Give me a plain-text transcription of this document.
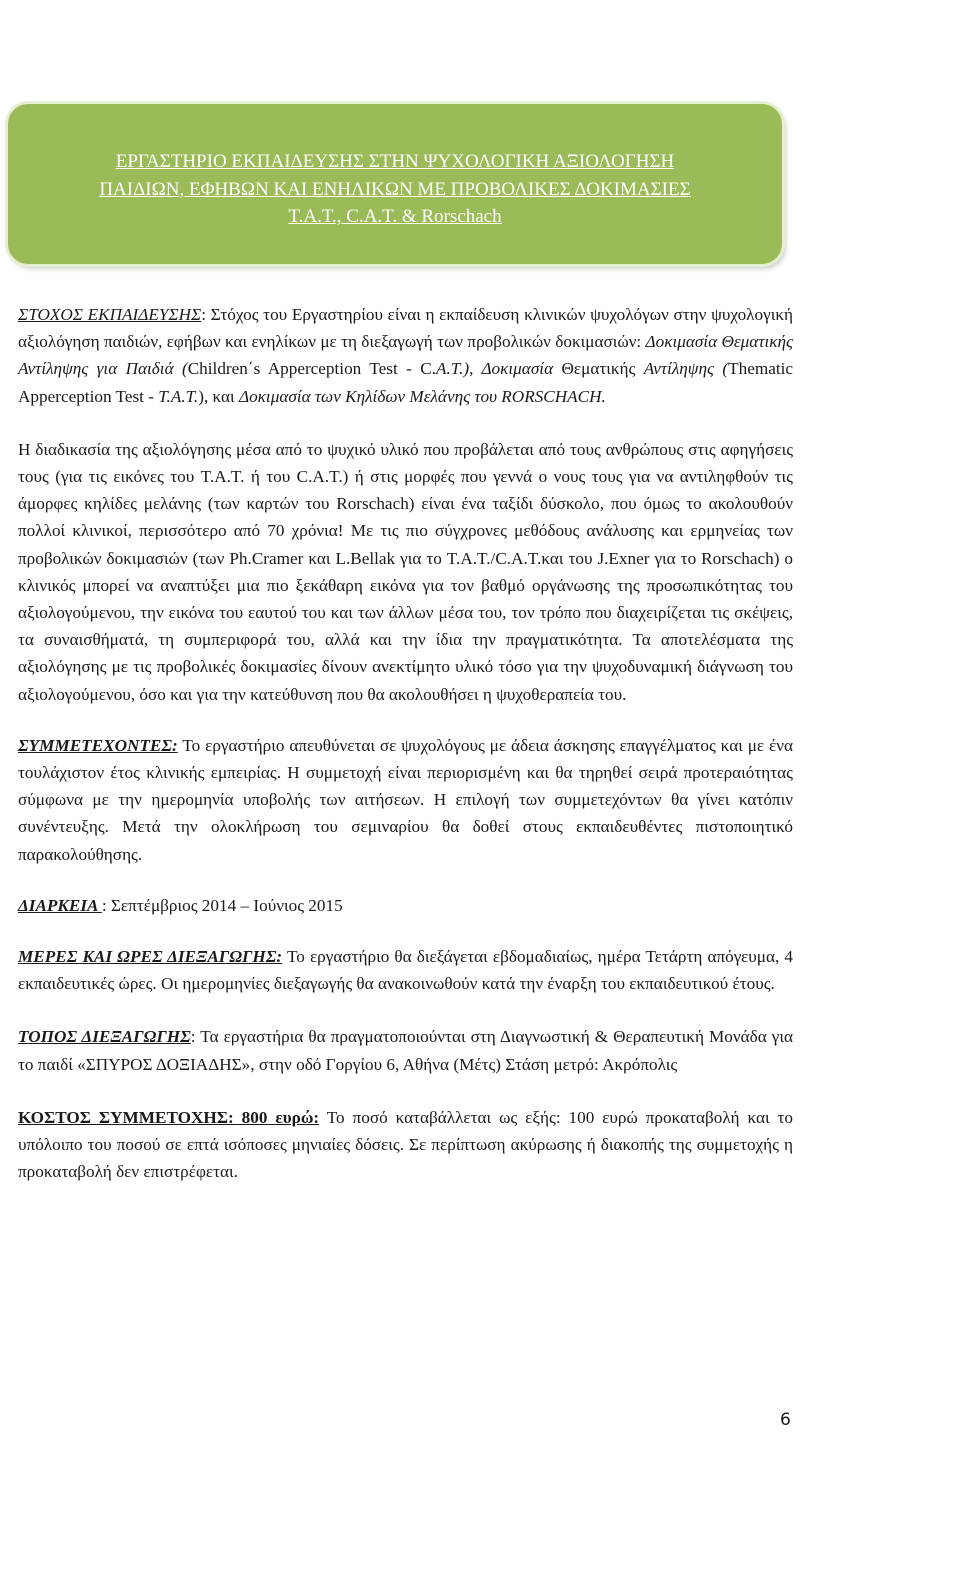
ΕΡΓΑΣΤΗΡΙΟ ΕΚΠΑΙΔΕΥΣΗΣ ΣΤΗΝ ΨΥΧΟΛΟΓΙΚΗ ΑΞΙΟΛΟΓΗΣΗ
ΠΑΙΔΙΩΝ, ΕΦΗΒΩΝ ΚΑΙ ΕΝΗΛΙΚΩΝ ΜΕ ΠΡΟΒΟΛΙΚΕΣ ΔΟΚΙΜΑΣΙΕΣ
T.A.T., C.A.T. & Rorschach

ΣΤΟΧΟΣ ΕΚΠΑΙΔΕΥΣΗΣ: Στόχος του Εργαστηρίου είναι η εκπαίδευση κλινικών ψυχολόγων στην ψυχολογική αξιολόγηση παιδιών, εφήβων και ενηλίκων με τη διεξαγωγή των προβολικών δοκιμασιών: Δοκιμασία Θεματικής Αντίληψης για Παιδιά (Children΄s Apperception Test - C.A.T.), Δοκιμασία Θεματικής Αντίληψης (Thematic Apperception Test - T.A.T.), και Δοκιμασία των Κηλίδων Μελάνης του RORSCHACH.

Η διαδικασία της αξιολόγησης μέσα από το ψυχικό υλικό που προβάλεται από τους ανθρώπους στις αφηγήσεις τους (για τις εικόνες του T.A.T. ή του C.A.T.) ή στις μορφές που γεννά ο νους τους για να αντιληφθούν τις άμορφες κηλίδες μελάνης (των καρτών του Rorschach) είναι ένα ταξίδι δύσκολο, που όμως το ακολουθούν πολλοί κλινικοί, περισσότερο από 70 χρόνια! Με τις πιο σύγχρονες μεθόδους ανάλυσης και ερμηνείας των προβολικών δοκιμασιών (των Ph.Cramer και L.Bellak για το T.A.T./C.A.T.και του J.Exner για το Rorschach) ο κλινικός μπορεί να αναπτύξει μια πιο ξεκάθαρη εικόνα για τον βαθμό οργάνωσης της προσωπικότητας του αξιολογούμενου, την εικόνα του εαυτού του και των άλλων μέσα του, τον τρόπο που διαχειρίζεται τις σκέψεις, τα συναισθήματά, τη συμπεριφορά του, αλλά και την ίδια την πραγματικότητα. Τα αποτελέσματα της αξιολόγησης με τις προβολικές δοκιμασίες δίνουν ανεκτίμητο υλικό τόσο για την ψυχοδυναμική διάγνωση του αξιολογούμενου, όσο και για την κατεύθυνση που θα ακολουθήσει η ψυχοθεραπεία του.

ΣΥΜΜΕΤΕΧΟΝΤΕΣ: Το εργαστήριο απευθύνεται σε ψυχολόγους με άδεια άσκησης επαγγέλματος και με ένα τουλάχιστον έτος κλινικής εμπειρίας. Η συμμετοχή είναι περιορισμένη και θα τηρηθεί σειρά προτεραιότητας σύμφωνα με την ημερομηνία υποβολής των αιτήσεων. Η επιλογή των συμμετεχόντων θα γίνει κατόπιν συνέντευξης. Μετά την ολοκλήρωση του σεμιναρίου θα δοθεί στους εκπαιδευθέντες πιστοποιητικό παρακολούθησης.

ΔΙΑΡΚΕΙΑ : Σεπτέμβριος 2014 – Ιούνιος 2015

ΜΕΡΕΣ ΚΑΙ ΩΡΕΣ ΔΙΕΞΑΓΩΓΗΣ: Το εργαστήριο θα διεξάγεται εβδομαδιαίως, ημέρα Τετάρτη απόγευμα, 4 εκπαιδευτικές ώρες. Οι ημερομηνίες διεξαγωγής θα ανακοινωθούν κατά την έναρξη του εκπαιδευτικού έτους.

ΤΟΠΟΣ ΔΙΕΞΑΓΩΓΗΣ: Τα εργαστήρια θα πραγματοποιούνται στη Διαγνωστική & Θεραπευτική Μονάδα για το παιδί «ΣΠΥΡΟΣ ΔΟΞΙΑΔΗΣ», στην οδό Γοργίου 6, Αθήνα (Μέτς) Στάση μετρό: Ακρόπολις

ΚΟΣΤΟΣ ΣΥΜΜΕΤΟΧΗΣ: 800 ευρώ: Το ποσό καταβάλλεται ως εξής: 100 ευρώ προκαταβολή και το υπόλοιπο του ποσού σε επτά ισόποσες μηνιαίες δόσεις. Σε περίπτωση ακύρωσης ή διακοπής της συμμετοχής η προκαταβολή δεν επιστρέφεται.

6
